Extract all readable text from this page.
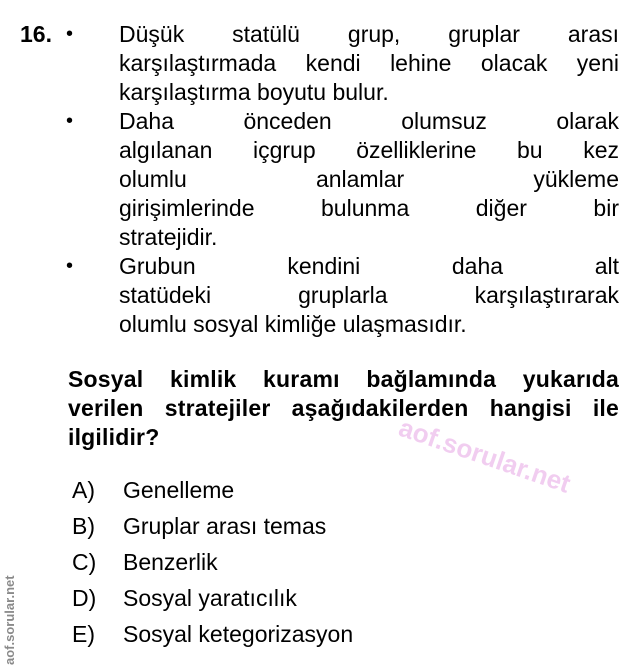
16. • Düşük statülü grup, gruplar arası
karşılaştırmada kendi lehine olacak yeni
karşılaştırma boyutu bulur.
• Daha önceden olumsuz olarak
algılanan içgrup özelliklerine bu kez
olumlu anlamlar yükleme
girişimlerinde bulunma diğer bir
stratejidir.
• Grubun kendini daha alt
statüdeki gruplarla karşılaştırarak
olumlu sosyal kimliğe ulaşmasıdır.
Sosyal kimlik kuramı bağlamında yukarıda
verilen stratejiler aşağıdakilerden hangisi ile
ilgilidir?	aof.sorular.net
A) Genelleme
B) Gruplar arası temas
C) Benzerlik
D) Sosyal yaratıcılık
E) Sosyal ketegorizasyon
aof.sorular.net
